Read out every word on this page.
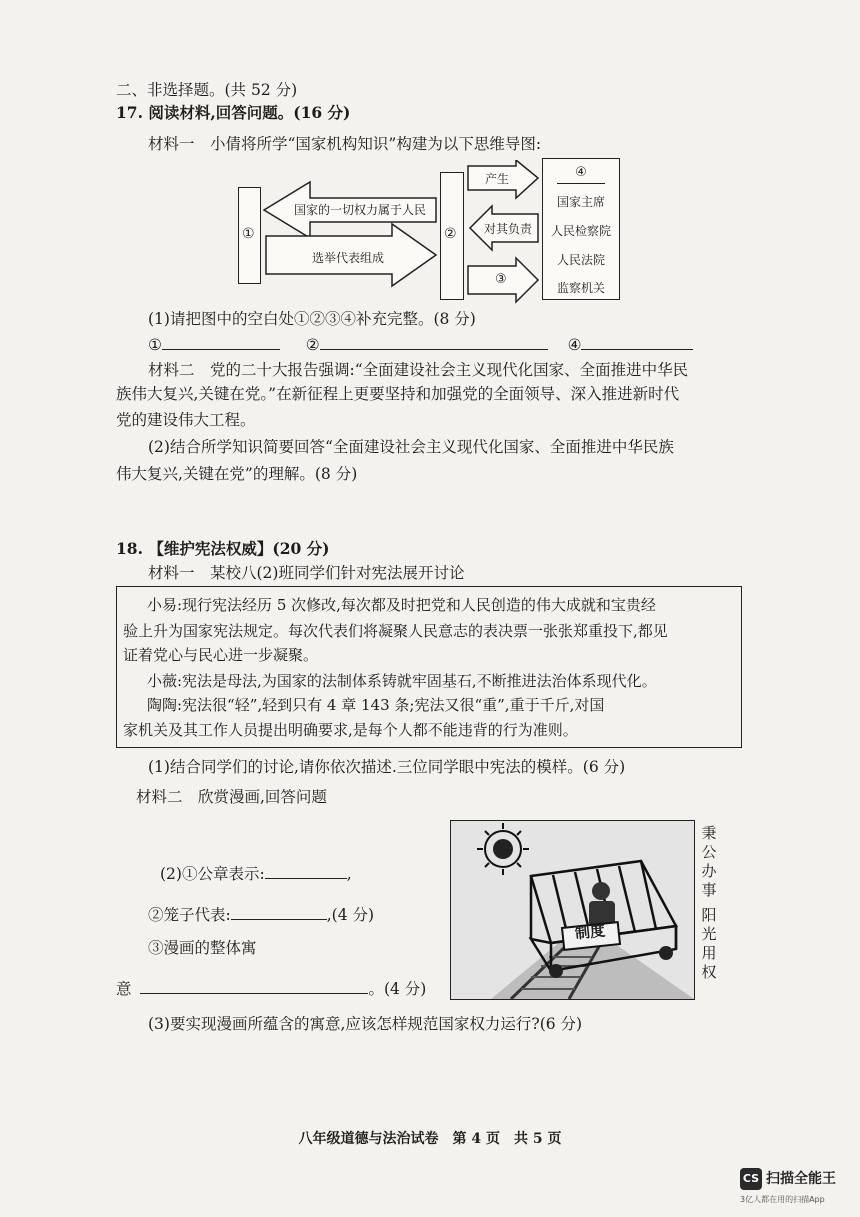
二、非选择题。(共 52 分)
17. 阅读材料,回答问题。(16 分)
材料一　小倩将所学“国家机构知识”构建为以下思维导图:
①
国家的一切权力属于人民
选举代表组成
②
产生
对其负责
③
④
国家主席
人民检察院
人民法院
监察机关
(1)请把图中的空白处①②③④补充完整。(8 分)
①	②	④
材料二　党的二十大报告强调:“全面建设社会主义现代化国家、全面推进中华民
族伟大复兴,关键在党。”在新征程上更要坚持和加强党的全面领导、深入推进新时代
党的建设伟大工程。
(2)结合所学知识简要回答“全面建设社会主义现代化国家、全面推进中华民族
伟大复兴,关键在党”的理解。(8 分)
18. 【维护宪法权威】(20 分)
材料一　某校八(2)班同学们针对宪法展开讨论
小易:现行宪法经历 5 次修改,每次都及时把党和人民创造的伟大成就和宝贵经
验上升为国家宪法规定。每次代表们将凝聚人民意志的表决票一张张郑重投下,都见
证着党心与民心进一步凝聚。
小薇:宪法是母法,为国家的法制体系铸就牢固基石,不断推进法治体系现代化。
陶陶:宪法很“轻”,轻到只有 4 章 143 条;宪法又很“重”,重于千斤,对国
家机关及其工作人员提出明确要求,是每个人都不能违背的行为准则。
(1)结合同学们的讨论,请你依次描述.三位同学眼中宪法的模样。(6 分)
材料二　欣赏漫画,回答问题
制度
秉公办事
阳光用权
(2)①公章表示:	,
②笼子代表:	,(4 分)
③漫画的整体寓
意	。(4 分)
(3)要实现漫画所蕴含的寓意,应该怎样规范国家权力运行?(6 分)
八年级道德与法治试卷　第 4 页　共 5 页
CS 扫描全能王
3亿人都在用的扫描App
